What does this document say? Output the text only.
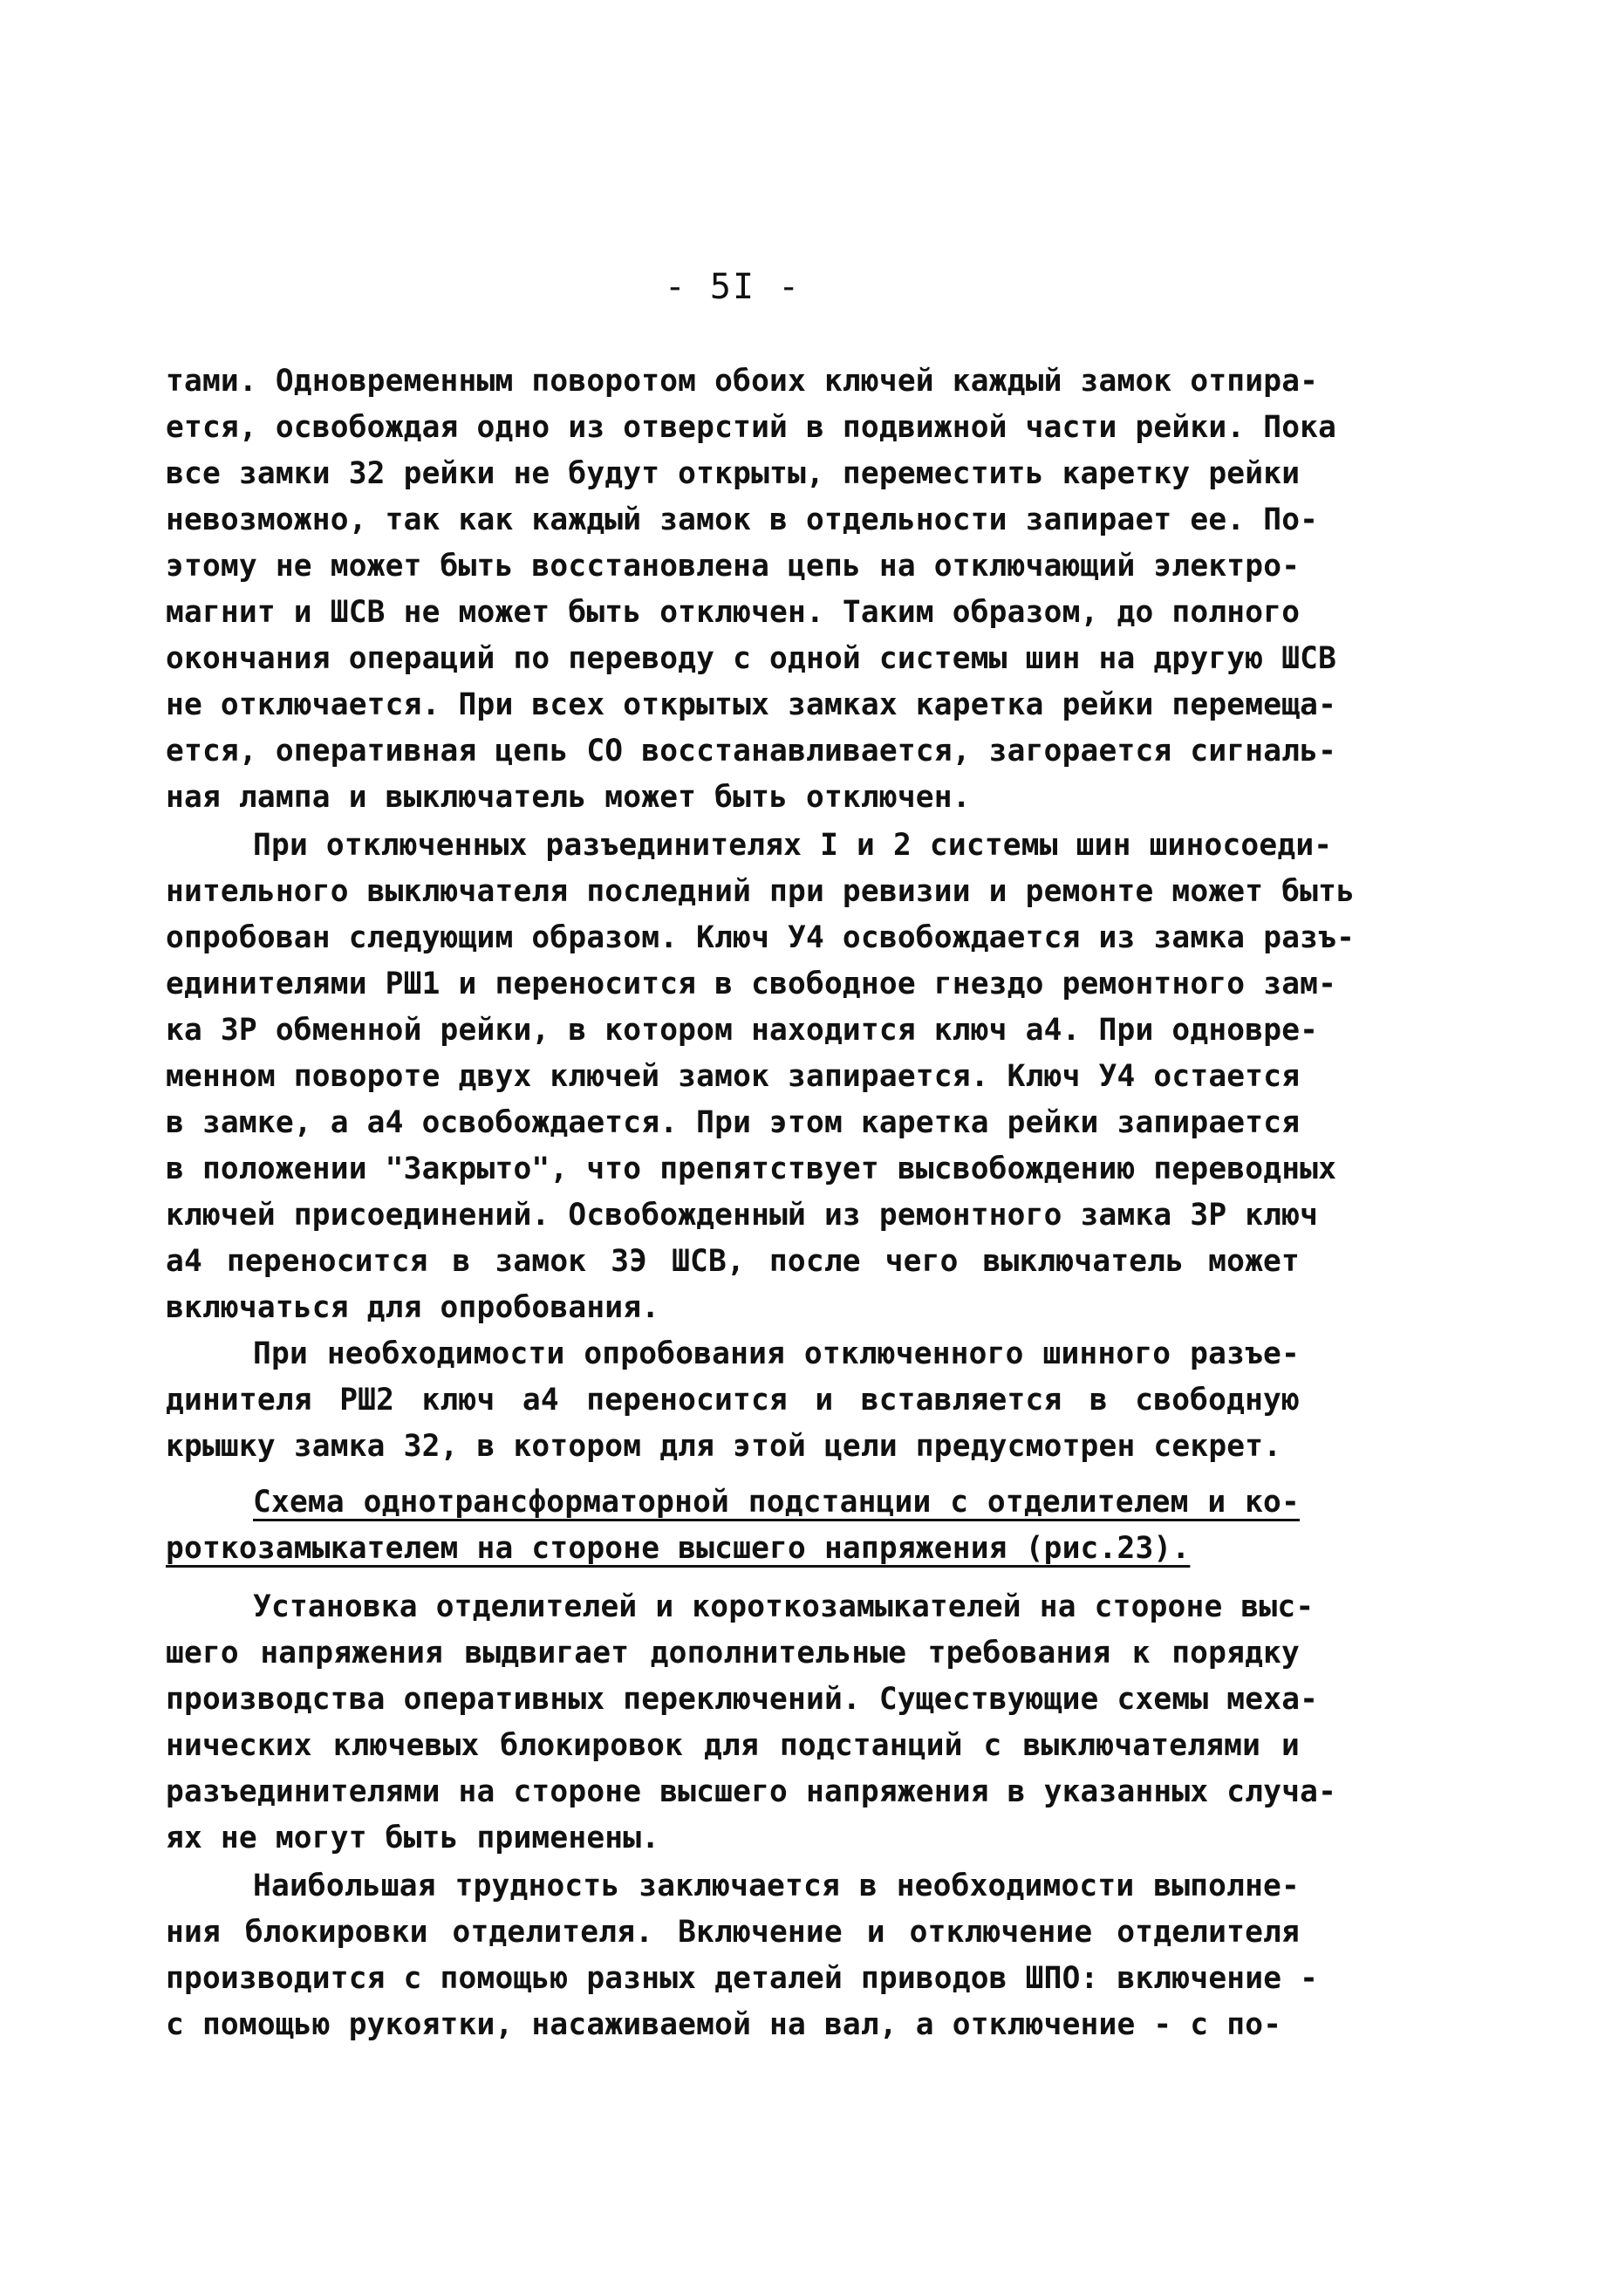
- 5I -
тами. Одновременным поворотом обоих ключей каждый замок отпира-
ется, освобождая одно из отверстий в подвижной части рейки. Пока
все замки 32 рейки не будут открыты, переместить каретку рейки
невозможно, так как каждый замок в отдельности запирает ее. По-
этому не может быть восстановлена цепь на отключающий электро-
магнит и ШСВ не может быть отключен. Таким образом, до полного
окончания операций по переводу с одной системы шин на другую ШСВ
не отключается. При всех открытых замках каретка рейки перемеща-
ется, оперативная цепь СО восстанавливается, загорается сигналь-
ная лампа и выключатель может быть отключен.
При отключенных разъединителях I и 2 системы шин шиносоеди-
нительного выключателя последний при ревизии и ремонте может быть
опробован следующим образом. Ключ У4 освобождается из замка разъ-
единителями РШ1 и переносится в свободное гнездо ремонтного зам-
ка 3Р обменной рейки, в котором находится ключ а4. При одновре-
менном повороте двух ключей замок запирается. Ключ У4 остается
в замке, а а4 освобождается. При этом каретка рейки запирается
в положении "Закрыто", что препятствует высвобождению переводных
ключей присоединений. Освобожденный из ремонтного замка 3Р ключ
а4 переносится в замок 3Э ШСВ, после чего выключатель может
включаться для опробования.
При необходимости опробования отключенного шинного разъе-
динителя РШ2 ключ а4 переносится и вставляется в свободную
крышку замка 32, в котором для этой цели предусмотрен секрет.
Схема однотрансформаторной подстанции с отделителем и ко-
роткозамыкателем на стороне высшего напряжения (рис.23).
Установка отделителей и короткозамыкателей на стороне выс-
шего напряжения выдвигает дополнительные требования к порядку
производства оперативных переключений. Существующие схемы меха-
нических ключевых блокировок для подстанций с выключателями и
разъединителями на стороне высшего напряжения в указанных случа-
ях не могут быть применены.
Наибольшая трудность заключается в необходимости выполне-
ния блокировки отделителя. Включение и отключение отделителя
производится с помощью разных деталей приводов ШПО: включение -
с помощью рукоятки, насаживаемой на вал, а отключение - с по-
